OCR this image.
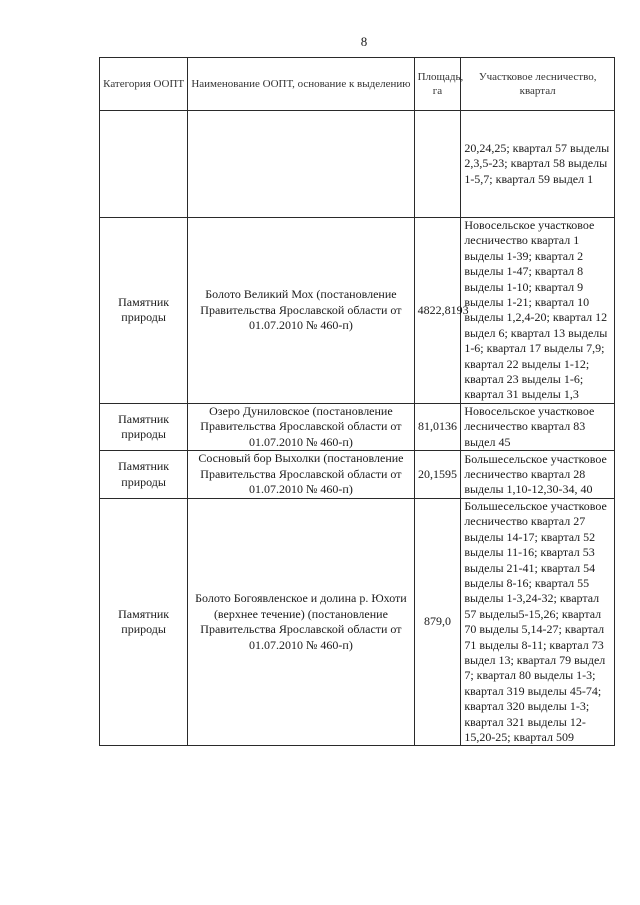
8
Категория ООПТ	Наименование ООПТ, основание к выделению	Площадь, га	Участковое лесничество, квартал
			20,24,25; квартал 57 выделы 2,3,5-23; квартал 58 выделы 1-5,7; квартал 59 выдел 1
Памятник природы	Болото Великий Мох (постановление Правительства Ярославской области от 01.07.2010 № 460-п)	4822,8193	Новосельское участковое лесничество квартал 1 выделы 1-39; квартал 2 выделы 1-47; квартал 8 выделы 1-10; квартал 9 выделы 1-21; квартал 10 выделы 1,2,4-20; квартал 12 выдел 6; квартал 13 выделы 1-6; квартал 17 выделы 7,9; квартал 22 выделы 1-12; квартал 23 выделы 1-6; квартал 31 выделы 1,3
Памятник природы	Озеро Дуниловское (постановление Правительства Ярославской области от 01.07.2010 № 460-п)	81,0136	Новосельское участковое лесничество квартал 83 выдел 45
Памятник природы	Сосновый бор Выхолки (постановление Правительства Ярославской области от 01.07.2010 № 460-п)	20,1595	Большесельское участковое лесничество квартал 28 выделы 1,10-12,30-34, 40
Памятник природы	Болото Богоявленское и долина р. Юхоти (верхнее течение) (постановление Правительства Ярославской области от 01.07.2010 № 460-п)	879,0	Большесельское участковое лесничество квартал 27 выделы 14-17; квартал 52 выделы 11-16; квартал 53 выделы 21-41; квартал 54 выделы 8-16; квартал 55 выделы 1-3,24-32; квартал 57 выделы5-15,26; квартал 70 выделы 5,14-27; квартал 71 выделы 8-11; квартал 73 выдел 13; квартал 79 выдел 7; квартал 80 выделы 1-3; квартал 319 выделы 45-74; квартал 320 выделы 1-3; квартал 321 выделы 12-15,20-25; квартал 509
